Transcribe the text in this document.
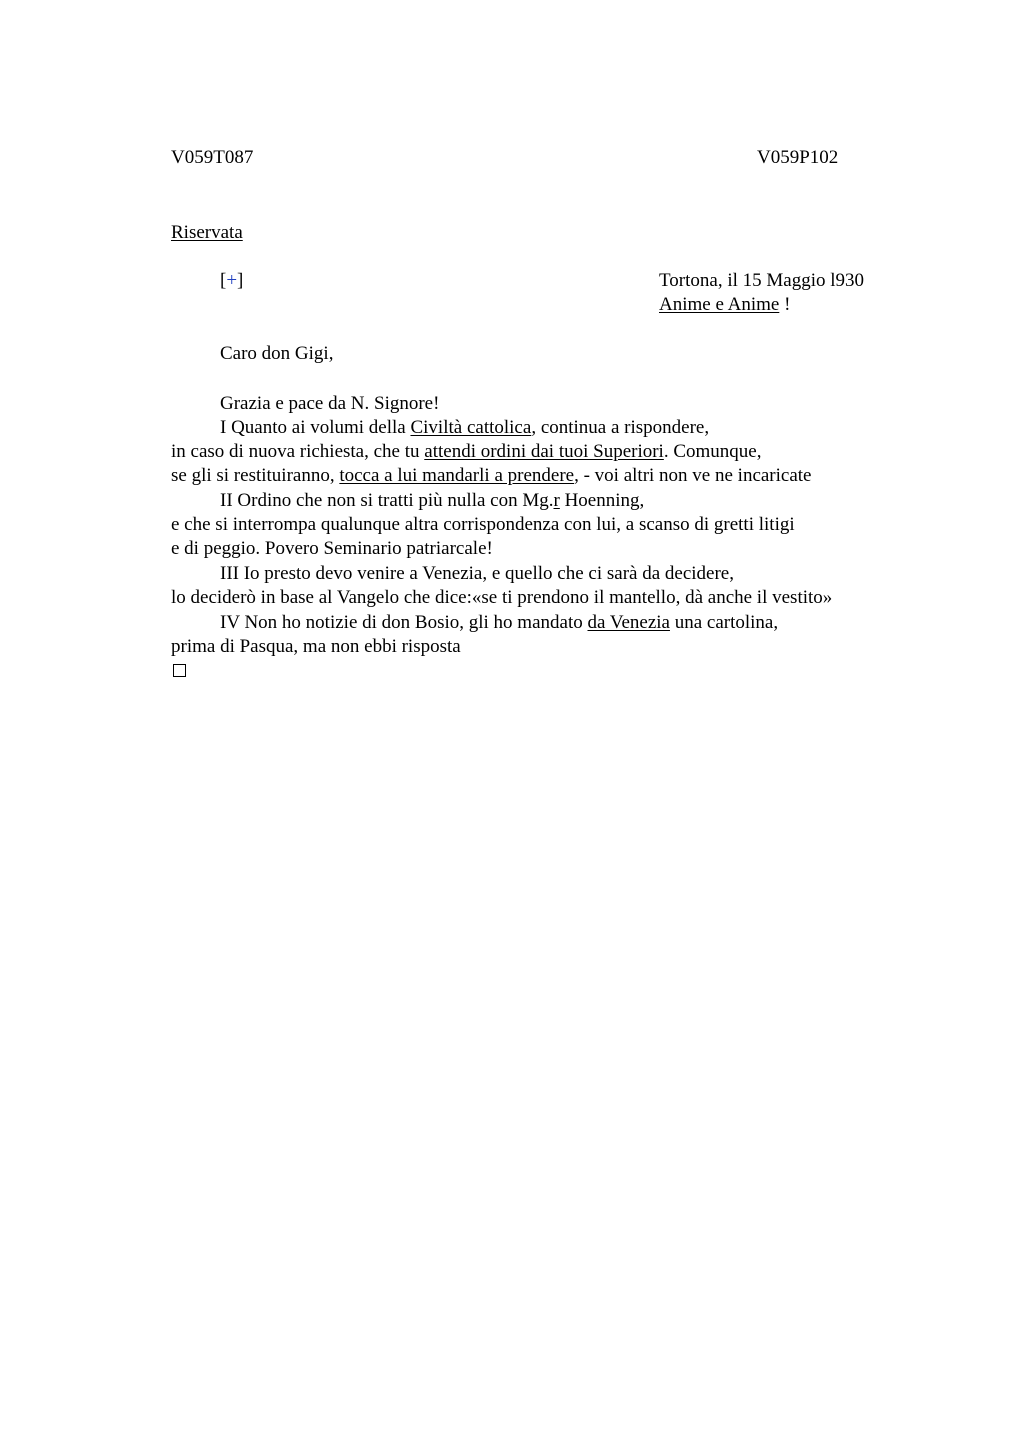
V059T087	V059P102
Riservata
[+]	Tortona, il 15 Maggio l930
Anime e Anime !
Caro don Gigi,
Grazia e pace da N. Signore!
I Quanto ai volumi della Civiltà cattolica, continua a rispondere,
in caso di nuova richiesta, che tu attendi ordini dai tuoi Superiori. Comunque,
se gli si restituiranno, tocca a lui mandarli a prendere, - voi altri non ve ne incaricate
II Ordino che non si tratti più nulla con Mg.r Hoenning,
e che si interrompa qualunque altra corrispondenza con lui, a scanso di gretti litigi
e di peggio. Povero Seminario patriarcale!
III Io presto devo venire a Venezia, e quello che ci sarà da decidere,
lo deciderò in base al Vangelo che dice:«se ti prendono il mantello, dà anche il vestito»
IV Non ho notizie di don Bosio, gli ho mandato da Venezia una cartolina,
prima di Pasqua, ma non ebbi risposta
